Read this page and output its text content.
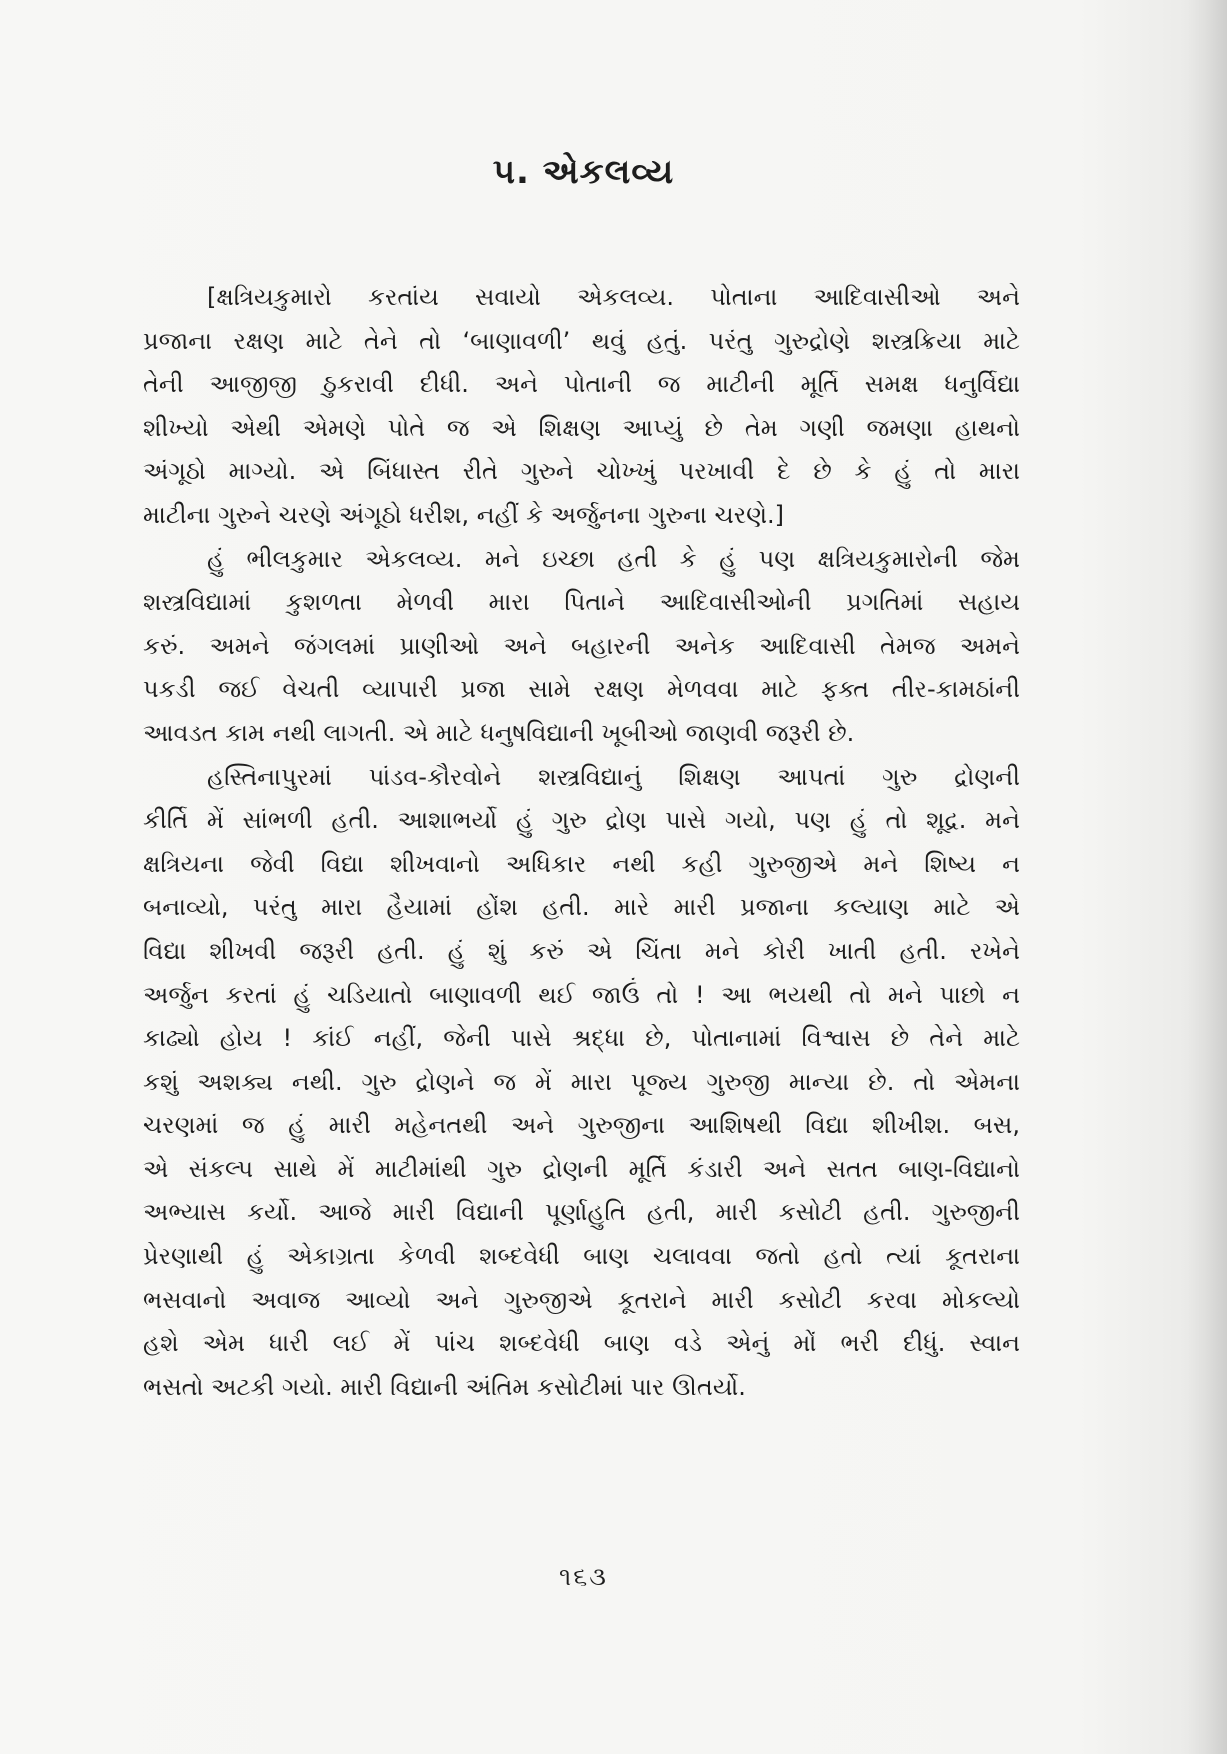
૫. એકલવ્ય
[ક્ષત્રિયકુમારો કરતાંય સવાયો એકલવ્ય. પોતાના આદિવાસીઓ અને
પ્રજાના રક્ષણ માટે તેને તો ‘બાણાવળી’ થવું હતું. પરંતુ ગુરુદ્રોણે શસ્ત્રક્રિયા માટે
તેની આજીજી ઠુકરાવી દીધી. અને પોતાની જ માટીની મૂર્તિ સમક્ષ ધનુર્વિદ્યા
શીખ્યો એથી એમણે પોતે જ એ શિક્ષણ આપ્યું છે તેમ ગણી જમણા હાથનો
અંગૂઠો માગ્યો. એ બિંધાસ્ત રીતે ગુરુને ચોખ્ખું પરખાવી દે છે કે હું તો મારા
માટીના ગુરુને ચરણે અંગૂઠો ધરીશ, નહીં કે અર્જુનના ગુરુના ચરણે.]
હું ભીલકુમાર એકલવ્ય. મને ઇચ્છા હતી કે હું પણ ક્ષત્રિયકુમારોની જેમ
શસ્ત્રવિદ્યામાં કુશળતા મેળવી મારા પિતાને આદિવાસીઓની પ્રગતિમાં સહાય
કરું. અમને જંગલમાં પ્રાણીઓ અને બહારની અનેક આદિવાસી તેમજ અમને
પકડી જઈ વેચતી વ્યાપારી પ્રજા સામે રક્ષણ મેળવવા માટે ફક્ત તીર-કામઠાંની
આવડત કામ નથી લાગતી. એ માટે ધનુષવિદ્યાની ખૂબીઓ જાણવી જરૂરી છે.
હસ્તિનાપુરમાં પાંડવ-કૌરવોને શસ્ત્રવિદ્યાનું શિક્ષણ આપતાં ગુરુ દ્રોણની
કીર્તિ મેં સાંભળી હતી. આશાભર્યો હું ગુરુ દ્રોણ પાસે ગયો, પણ હું તો શૂદ્ર. મને
ક્ષત્રિયના જેવી વિદ્યા શીખવાનો અધિકાર નથી કહી ગુરુજીએ મને શિષ્ય ન
બનાવ્યો, પરંતુ મારા હૈયામાં હોંશ હતી. મારે મારી પ્રજાના કલ્યાણ માટે એ
વિદ્યા શીખવી જરૂરી હતી. હું શું કરું એ ચિંતા મને કોરી ખાતી હતી. રખેને
અર્જુન કરતાં હું ચડિયાતો બાણાવળી થઈ જાઉં તો ! આ ભયથી તો મને પાછો ન
કાઢ્યો હોય ! કાંઈ નહીં, જેની પાસે શ્રદ્ધા છે, પોતાનામાં વિશ્વાસ છે તેને માટે
કશું અશક્ય નથી. ગુરુ દ્રોણને જ મેં મારા પૂજ્ય ગુરુજી માન્યા છે. તો એમના
ચરણમાં જ હું મારી મહેનતથી અને ગુરુજીના આશિષથી વિદ્યા શીખીશ. બસ,
એ સંકલ્પ સાથે મેં માટીમાંથી ગુરુ દ્રોણની મૂર્તિ કંડારી અને સતત બાણ-વિદ્યાનો
અભ્યાસ કર્યો. આજે મારી વિદ્યાની પૂર્ણાહુતિ હતી, મારી કસોટી હતી. ગુરુજીની
પ્રેરણાથી હું એકાગ્રતા કેળવી શબ્દવેધી બાણ ચલાવવા જતો હતો ત્યાં કૂતરાના
ભસવાનો અવાજ આવ્યો અને ગુરુજીએ કૂતરાને મારી કસોટી કરવા મોકલ્યો
હશે એમ ધારી લઈ મેં પાંચ શબ્દવેધી બાણ વડે એનું મોં ભરી દીધું. સ્વાન
ભસતો અટકી ગયો. મારી વિદ્યાની અંતિમ કસોટીમાં પાર ઊતર્યો.
૧૬૩
